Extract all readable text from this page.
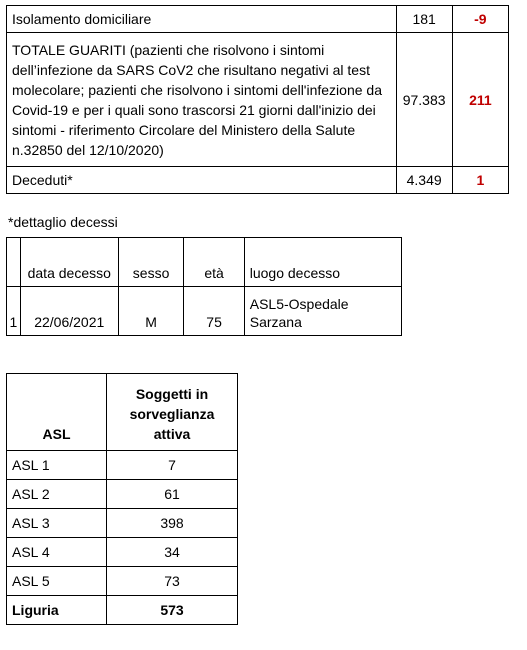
Isolamento domiciliare	181	-9
TOTALE GUARITI (pazienti che risolvono i sintomi dell’infezione da SARS CoV2 che risultano negativi al test molecolare; pazienti che risolvono i sintomi dell'infezione da Covid-19 e per i quali sono trascorsi 21 giorni dall'inizio dei sintomi - riferimento Circolare del Ministero della Salute n.32850 del 12/10/2020)	97.383	211
Deceduti*	4.349	1
*dettaglio decessi
	data decesso	sesso	età	luogo decesso
1	22/06/2021	M	75	ASL5-Ospedale Sarzana
ASL	Soggetti in sorveglianza attiva
ASL 1	7
ASL 2	61
ASL 3	398
ASL 4	34
ASL 5	73
Liguria	573
